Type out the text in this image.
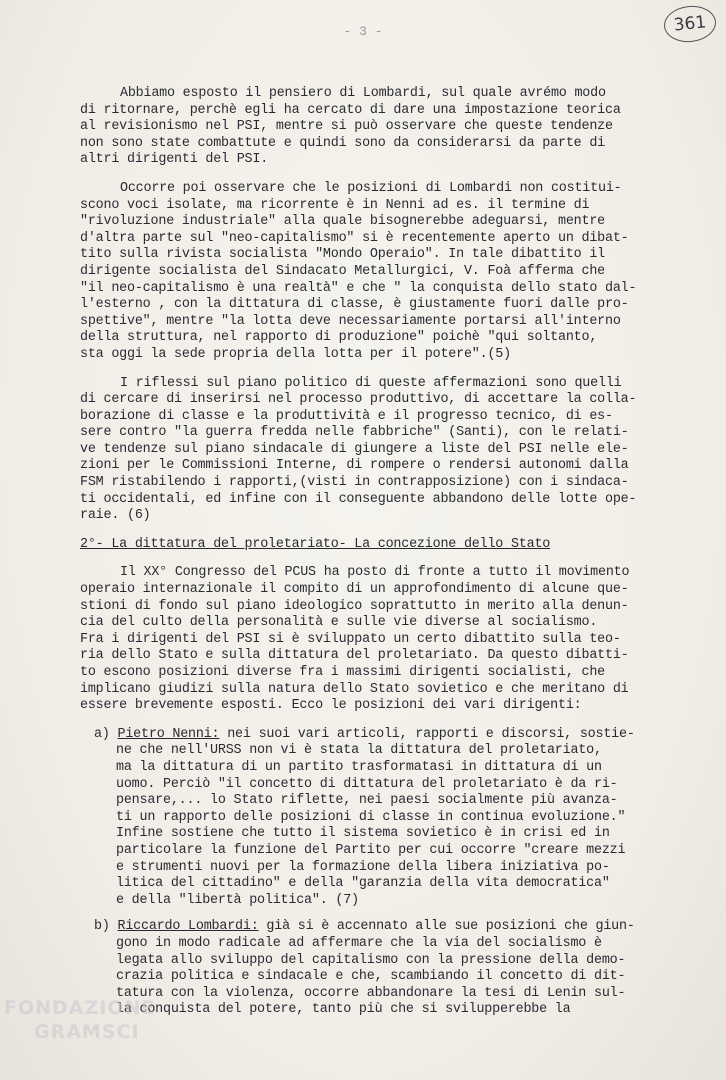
- 3 -	361
Abbiamo esposto il pensiero di Lombardi, sul quale avrémo modo
di ritornare, perchè egli ha cercato di dare una impostazione teorica
al revisionismo nel PSI, mentre si può osservare che queste tendenze
non sono state combattute e quindi sono da considerarsi da parte di
altri dirigenti del PSI.
Occorre poi osservare che le posizioni di Lombardi non costitui-
scono voci isolate, ma ricorrente è in Nenni ad es. il termine di
"rivoluzione industriale" alla quale bisognerebbe adeguarsi, mentre
d'altra parte sul "neo-capitalismo" si è recentemente aperto un dibat-
tito sulla rivista socialista "Mondo Operaio". In tale dibattito il
dirigente socialista del Sindacato Metallurgici, V. Foà afferma che
"il neo-capitalismo è una realtà" e che " la conquista dello stato dal-
l'esterno , con la dittatura di classe, è giustamente fuori dalle pro-
spettive", mentre "la lotta deve necessariamente portarsi all'interno
della struttura, nel rapporto di produzione" poichè "qui soltanto,
sta oggi la sede propria della lotta per il potere".(5)
I riflessi sul piano politico di queste affermazioni sono quelli
di cercare di inserirsi nel processo produttivo, di accettare la colla-
borazione di classe e la produttività e il progresso tecnico, di es-
sere contro "la guerra fredda nelle fabbriche" (Santi), con le relati-
ve tendenze sul piano sindacale di giungere a liste del PSI nelle ele-
zioni per le Commissioni Interne, di rompere o rendersi autonomi dalla
FSM ristabilendo i rapporti,(visti in contrapposizione) con i sindaca-
ti occidentali, ed infine con il conseguente abbandono delle lotte ope-
raie. (6)
2°- La dittatura del proletariato- La concezione dello Stato
Il XX° Congresso del PCUS ha posto di fronte a tutto il movimento
operaio internazionale il compito di un approfondimento di alcune que-
stioni di fondo sul piano ideologico soprattutto in merito alla denun-
cia del culto della personalità e sulle vie diverse al socialismo.
Fra i dirigenti del PSI si è sviluppato un certo dibattito sulla teo-
ria dello Stato e sulla dittatura del proletariato. Da questo dibatti-
to escono posizioni diverse fra i massimi dirigenti socialisti, che
implicano giudizi sulla natura dello Stato sovietico e che meritano di
essere brevemente esposti. Ecco le posizioni dei vari dirigenti:
a) Pietro Nenni: nei suoi vari articoli, rapporti e discorsi, sostie-
ne che nell'URSS non vi è stata la dittatura del proletariato,
ma la dittatura di un partito trasformatasi in dittatura di un
uomo. Perciò "il concetto di dittatura del proletariato è da ri-
pensare,... lo Stato riflette, nei paesi socialmente più avanza-
ti un rapporto delle posizioni di classe in continua evoluzione."
Infine sostiene che tutto il sistema sovietico è in crisi ed in
particolare la funzione del Partito per cui occorre "creare mezzi
e strumenti nuovi per la formazione della libera iniziativa po-
litica del cittadino" e della "garanzia della vita democratica"
e della "libertà politica". (7)
b) Riccardo Lombardi: già si è accennato alle sue posizioni che giun-
gono in modo radicale ad affermare che la via del socialismo è
legata allo sviluppo del capitalismo con la pressione della demo-
crazia politica e sindacale e che, scambiando il concetto di dit-
tatura con la violenza, occorre abbandonare la tesi di Lenin sul-
la conquista del potere, tanto più che si svilupperebbe la
FONDAZIONE
GRAMSCI
